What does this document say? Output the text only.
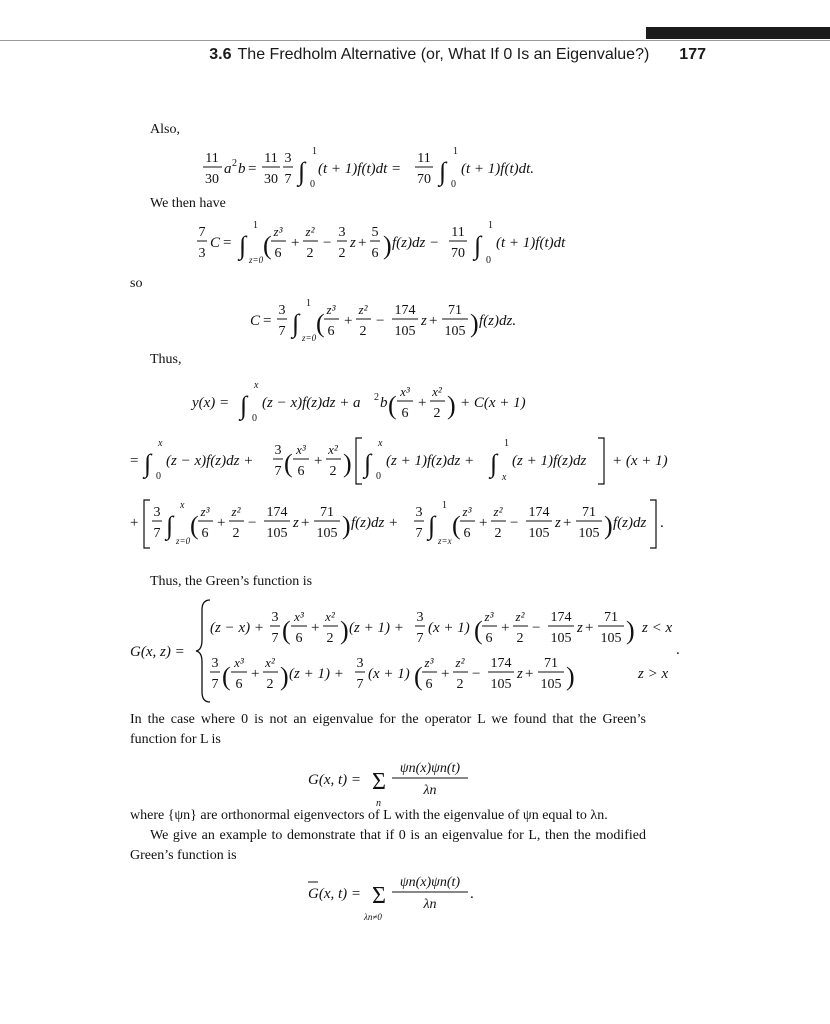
3.6 The Fredholm Alternative (or, What If 0 Is an Eigenvalue?) 177
Also,
11
30
a 2 b =
11
30
3
7 ∫
1
0
(t + 1)f(t)dt =
11
70 ∫
1
0
(t + 1)f(t)dt.
We then have
7
3
C = ∫
1
z=0 ( z³
6
+
z²
2
−
3
2
z +
5
6 ) f(z)dz −
11
70 ∫
1
0
(t + 1)f(t)dt
so
C =
3
7 ∫
1
z=0 ( z³
6
+
z²
2
−
174
105
z +
71
105 ) f(z)dz.
Thus,
y(x) = ∫
x
0
(z − x)f(z)dz + a 2 b ( x³
6
+
x²
2 ) + C(x + 1)
= ∫
x
0
(z − x)f(z)dz +
3
7 ( x³
6
+
x²
2 ) ∫
x
0
(z + 1)f(z)dz + ∫
1
x
(z + 1)f(z)dz + (x + 1)
+
3
7 ∫
x
z=0
( z³
6
+
z²
2
−
174
105
z +
71
105 ) f(z)dz +
3
7 ∫
1
z=x
( z³
6
+
z²
2
−
174
105
z +
71
105 ) f(z)dz .
Thus, the Green’s function is
G(x, z) =
(z − x) +
3
7 ( x³
6
+
x²
2 ) (z + 1) +
3
7
(x + 1) ( z³
6
+
z²
2
−
174
105
z +
71
105 ) z < x
3
7 ( x³
6
+
x²
2 ) (z + 1) +
3
7
(x + 1) ( z³
6
+
z²
2
−
174
105
z +
71
105 )	z > x
.
In the case where 0 is not an eigenvalue for the operator L we found that the Green’s function for L is
G(x, t) = Σ
n
ψn(x)ψn(t)
λn
where {ψn} are orthonormal eigenvectors of L with the eigenvalue of ψn equal to λn.
We give an example to demonstrate that if 0 is an eigenvalue for L, then the modified Green’s function is
G(x, t) = Σ
λn≠0
ψn(x)ψn(t)
λn
.
